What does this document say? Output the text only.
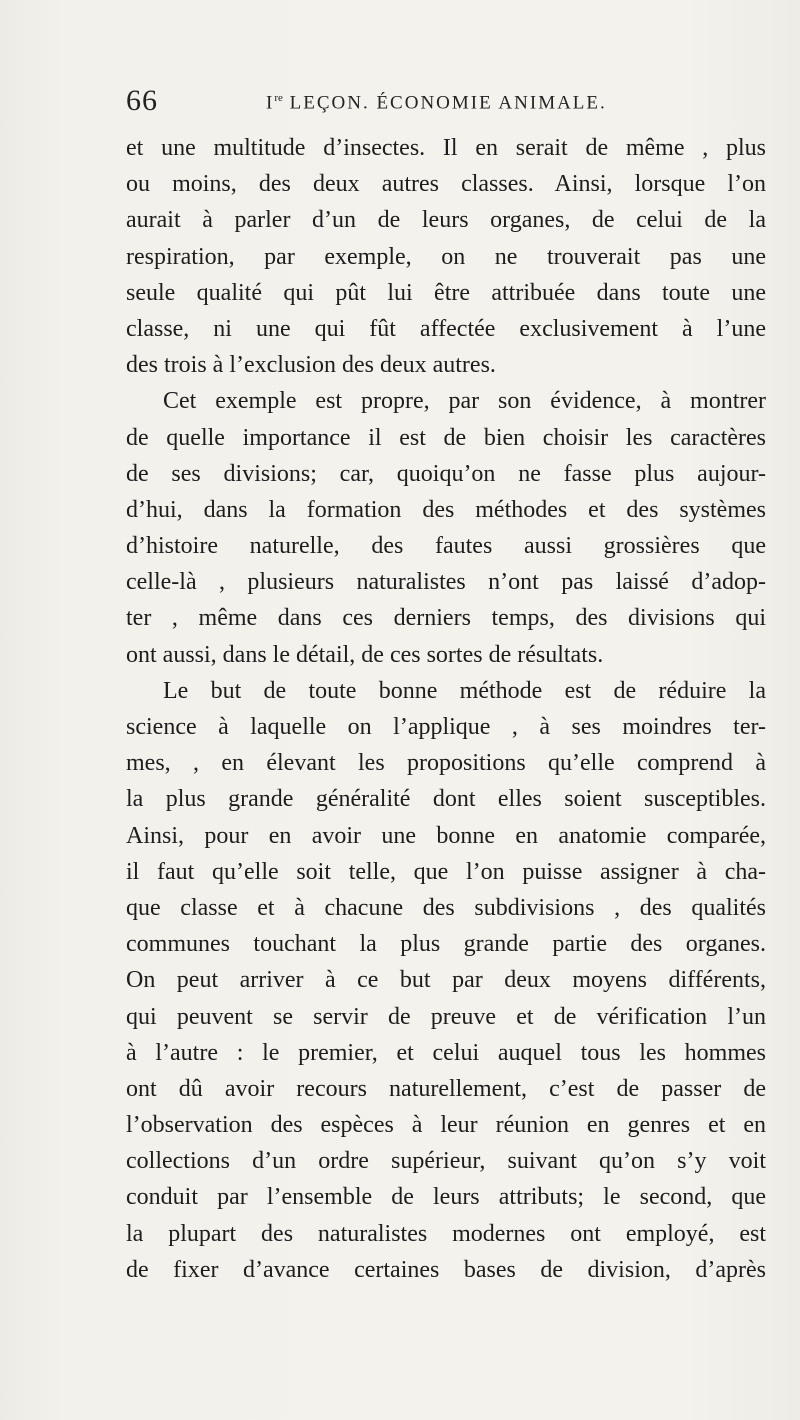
66	Ire LEÇON. ÉCONOMIE ANIMALE.
et une multitude d’insectes. Il en serait de même , plus
ou moins, des deux autres classes. Ainsi, lorsque l’on
aurait à parler d’un de leurs organes, de celui de la
respiration, par exemple, on ne trouverait pas une
seule qualité qui pût lui être attribuée dans toute une
classe, ni une qui fût affectée exclusivement à l’une
des trois à l’exclusion des deux autres.
Cet exemple est propre, par son évidence, à montrer
de quelle importance il est de bien choisir les caractères
de ses divisions; car, quoiqu’on ne fasse plus aujour-
d’hui, dans la formation des méthodes et des systèmes
d’histoire naturelle, des fautes aussi grossières que
celle-là , plusieurs naturalistes n’ont pas laissé d’adop-
ter , même dans ces derniers temps, des divisions qui
ont aussi, dans le détail, de ces sortes de résultats.
Le but de toute bonne méthode est de réduire la
science à laquelle on l’applique , à ses moindres ter-
mes, , en élevant les propositions qu’elle comprend à
la plus grande généralité dont elles soient susceptibles.
Ainsi, pour en avoir une bonne en anatomie comparée,
il faut qu’elle soit telle, que l’on puisse assigner à cha-
que classe et à chacune des subdivisions , des qualités
communes touchant la plus grande partie des organes.
On peut arriver à ce but par deux moyens différents,
qui peuvent se servir de preuve et de vérification l’un
à l’autre : le premier, et celui auquel tous les hommes
ont dû avoir recours naturellement, c’est de passer de
l’observation des espèces à leur réunion en genres et en
collections d’un ordre supérieur, suivant qu’on s’y voit
conduit par l’ensemble de leurs attributs; le second, que
la plupart des naturalistes modernes ont employé, est
de fixer d’avance certaines bases de division, d’après
